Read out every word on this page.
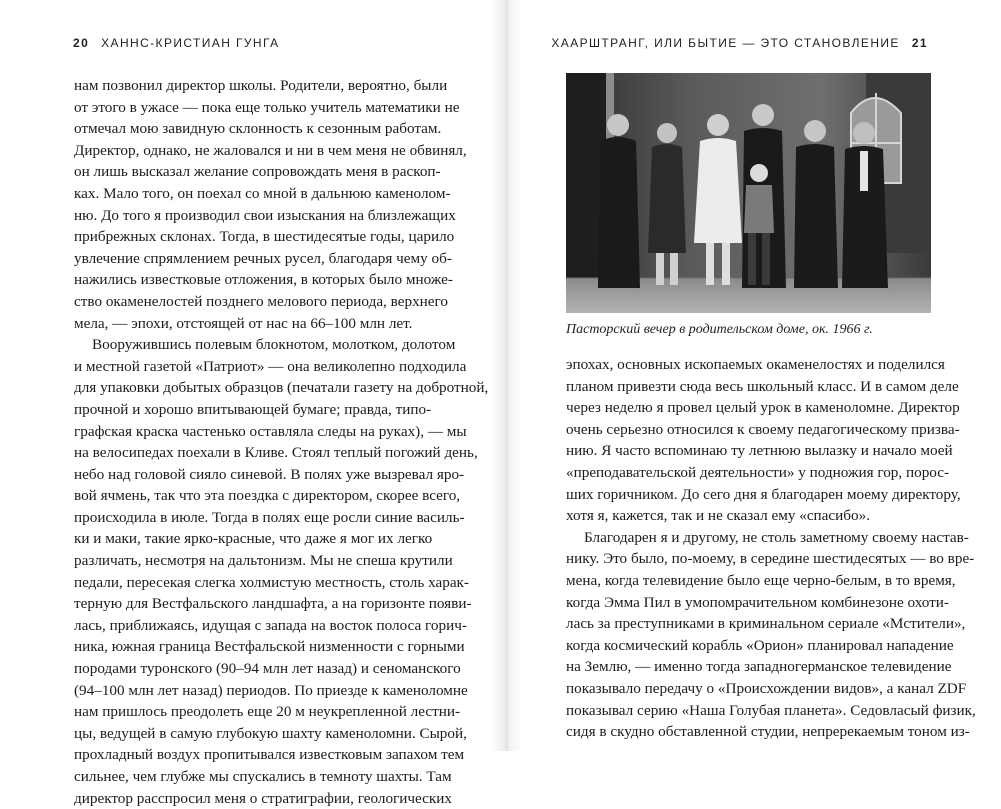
20 ХАННС-КРИСТИАН ГУНГА	ХААРШТРАНГ, ИЛИ БЫТИЕ — ЭТО СТАНОВЛЕНИЕ 21
нам позвонил директор школы. Родители, вероятно, были
от этого в ужасе — пока еще только учитель математики не
отмечал мою завидную склонность к сезонным работам.
Директор, однако, не жаловался и ни в чем меня не обвинял,
он лишь высказал желание сопровождать меня в раскоп-
ках. Мало того, он поехал со мной в дальнюю каменолом-
ню. До того я производил свои изыскания на близлежащих
прибрежных склонах. Тогда, в шестидесятые годы, царило
увлечение спрямлением речных русел, благодаря чему об-
нажились известковые отложения, в которых было множе-
ство окаменелостей позднего мелового периода, верхнего
мела, — эпохи, отстоящей от нас на 66–100 млн лет.
Вооружившись полевым блокнотом, молотком, долотом
и местной газетой «Патриот» — она великолепно подходила
для упаковки добытых образцов (печатали газету на добротной,
прочной и хорошо впитывающей бумаге; правда, типо-
графская краска частенько оставляла следы на руках), — мы
на велосипедах поехали в Кливе. Стоял теплый погожий день,
небо над головой сияло синевой. В полях уже вызревал яро-
вой ячмень, так что эта поездка с директором, скорее всего,
происходила в июле. Тогда в полях еще росли синие василь-
ки и маки, такие ярко-красные, что даже я мог их легко
различать, несмотря на дальтонизм. Мы не спеша крутили
педали, пересекая слегка холмистую местность, столь харак-
терную для Вестфальского ландшафта, а на горизонте появи-
лась, приближаясь, идущая с запада на восток полоса горич-
ника, южная граница Вестфальской низменности с горными
породами туронского (90–94 млн лет назад) и сеноманского
(94–100 млн лет назад) периодов. По приезде к каменоломне
нам пришлось преодолеть еще 20 м неукрепленной лестни-
цы, ведущей в самую глубокую шахту каменоломни. Сырой,
прохладный воздух пропитывался известковым запахом тем
сильнее, чем глубже мы спускались в темноту шахты. Там
директор расспросил меня о стратиграфии, геологических
Пасторский вечер в родительском доме, ок. 1966 г.
эпохах, основных ископаемых окаменелостях и поделился
планом привезти сюда весь школьный класс. И в самом деле
через неделю я провел целый урок в каменоломне. Директор
очень серьезно относился к своему педагогическому призва-
нию. Я часто вспоминаю ту летнюю вылазку и начало моей
«преподавательской деятельности» у подножия гор, порос-
ших горичником. До сего дня я благодарен моему директору,
хотя я, кажется, так и не сказал ему «спасибо».
Благодарен я и другому, не столь заметному своему настав-
нику. Это было, по-моему, в середине шестидесятых — во вре-
мена, когда телевидение было еще черно-белым, в то время,
когда Эмма Пил в умопомрачительном комбинезоне охоти-
лась за преступниками в криминальном сериале «Мстители»,
когда космический корабль «Орион» планировал нападение
на Землю, — именно тогда западногерманское телевидение
показывало передачу о «Происхождении видов», а канал ZDF
показывал серию «Наша Голубая планета». Седовласый физик,
сидя в скудно обставленной студии, непререкаемым тоном из-
